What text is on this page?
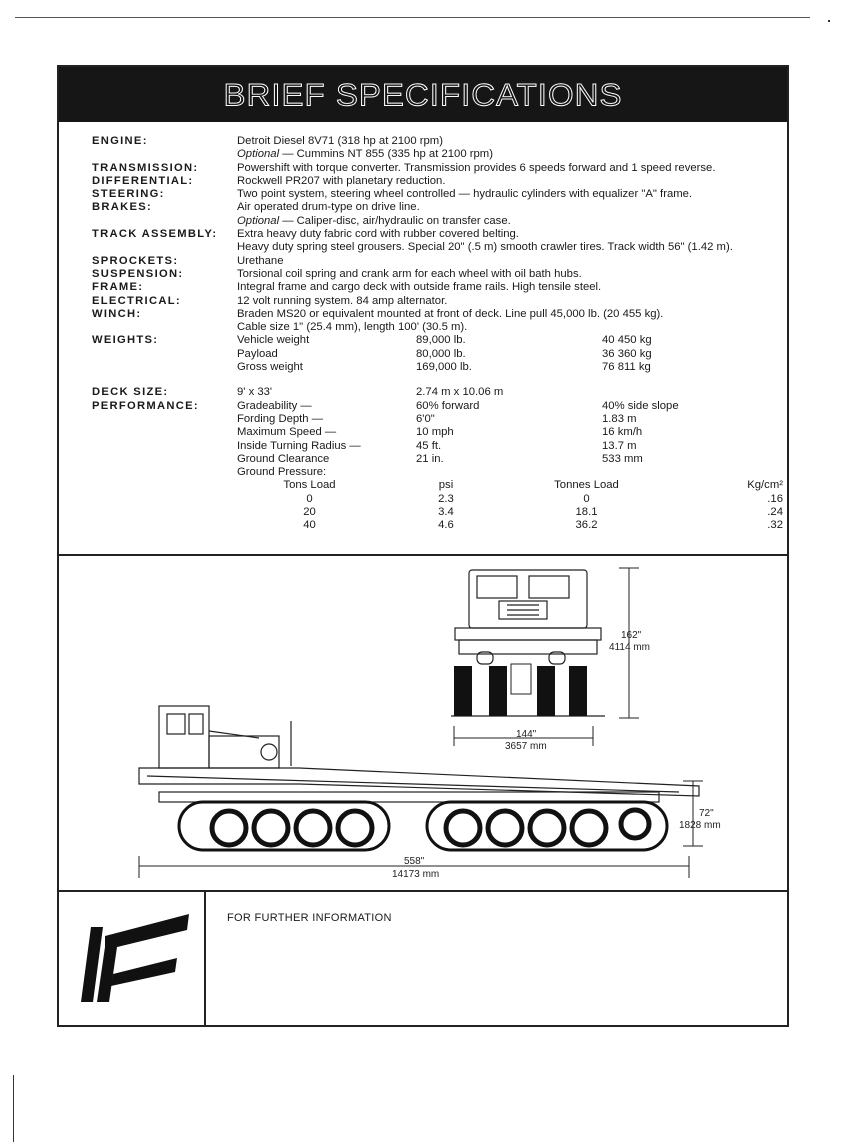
BRIEF SPECIFICATIONS
ENGINE:	Detroit Diesel 8V71 (318 hp at 2100 rpm)
Optional — Cummins NT 855 (335 hp at 2100 rpm)
TRANSMISSION:	Powershift with torque converter. Transmission provides 6 speeds forward and 1 speed reverse.
DIFFERENTIAL:	Rockwell PR207 with planetary reduction.
STEERING:	Two point system, steering wheel controlled — hydraulic cylinders with equalizer "A" frame.
BRAKES:	Air operated drum-type on drive line.
Optional — Caliper-disc, air/hydraulic on transfer case.
TRACK ASSEMBLY:	Extra heavy duty fabric cord with rubber covered belting.
Heavy duty spring steel grousers. Special 20" (.5 m) smooth crawler tires. Track width 56" (1.42 m).
SPROCKETS:	Urethane
SUSPENSION:	Torsional coil spring and crank arm for each wheel with oil bath hubs.
FRAME:	Integral frame and cargo deck with outside frame rails. High tensile steel.
ELECTRICAL:	12 volt running system. 84 amp alternator.
WINCH:	Braden MS20 or equivalent mounted at front of deck. Line pull 45,000 lb. (20 455 kg).
Cable size 1" (25.4 mm), length 100' (30.5 m).
WEIGHTS:	Vehicle weight	89,000 lb.	40 450 kg
Payload	80,000 lb.	36 360 kg
Gross weight	169,000 lb.	76 811 kg
DECK SIZE:	9' x 33'	2.74 m x 10.06 m
PERFORMANCE:	Gradeability —	60% forward	40% side slope
Fording Depth —	6'0"	1.83 m
Maximum Speed —	10 mph	16 km/h
Inside Turning Radius —	45 ft.	13.7 m
Ground Clearance	21 in.	533 mm
Ground Pressure:
Tons Load	psi	Tonnes Load	Kg/cm²
0	2.3	0	.16
20	3.4	18.1	.24
40	4.6	36.2	.32
162"
4114 mm
144"
3657 mm
72"
1828 mm
558"
14173 mm
FOR FURTHER INFORMATION
